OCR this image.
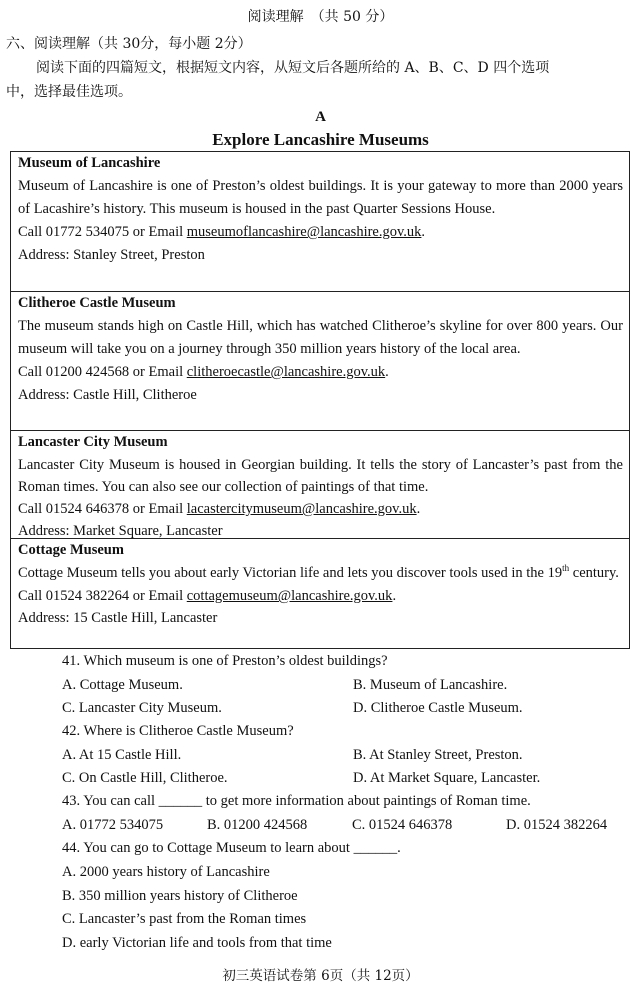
阅读理解　（共 50 分）
六、阅读理解（共 30分，每小题 2分）
阅读下面的四篇短文，根据短文内容，从短文后各题所给的 A、B、C、D 四个选项
中，选择最佳选项。
A
Explore Lancashire Museums

Museum of Lancashire

Museum of Lancashire is one of Preston’s oldest buildings. It is your gateway to more than 2000 years of Lacashire’s history. This museum is housed in the past Quarter Sessions House.

Call 01772 534075 or Email museumoflancashire@lancashire.gov.uk.

Address: Stanley Street, Preston

Clitheroe Castle Museum

The museum stands high on Castle Hill, which has watched Clitheroe’s skyline for over 800 years. Our museum will take you on a journey through 350 million years history of the local area.

Call 01200 424568 or Email clitheroecastle@lancashire.gov.uk.

Address: Castle Hill, Clitheroe

Lancaster City Museum

Lancaster City Museum is housed in Georgian building. It tells the story of Lancaster’s past from the Roman times. You can also see our collection of paintings of that time.

Call 01524 646378 or Email lacastercitymuseum@lancashire.gov.uk.

Address: Market Square, Lancaster

Cottage Museum

Cottage Museum tells you about early Victorian life and lets you discover tools used in the 19th century.

Call 01524 382264 or Email cottagemuseum@lancashire.gov.uk.

Address: 15 Castle Hill, Lancaster

41. Which museum is one of Preston’s oldest buildings?
A. Cottage Museum.	B. Museum of Lancashire.
C. Lancaster City Museum.	D. Clitheroe Castle Museum.
42. Where is Clitheroe Castle Museum?
A. At 15 Castle Hill.	B. At Stanley Street, Preston.
C. On Castle Hill, Clitheroe.	D. At Market Square, Lancaster.
43. You can call ______ to get more information about paintings of Roman time.
A. 01772 534075	B. 01200 424568	C. 01524 646378	D. 01524 382264
44. You can go to Cottage Museum to learn about ______.
A. 2000 years history of Lancashire
B. 350 million years history of Clitheroe
C. Lancaster’s past from the Roman times
D. early Victorian life and tools from that time
初三英语试卷第 6页（共 12页）
